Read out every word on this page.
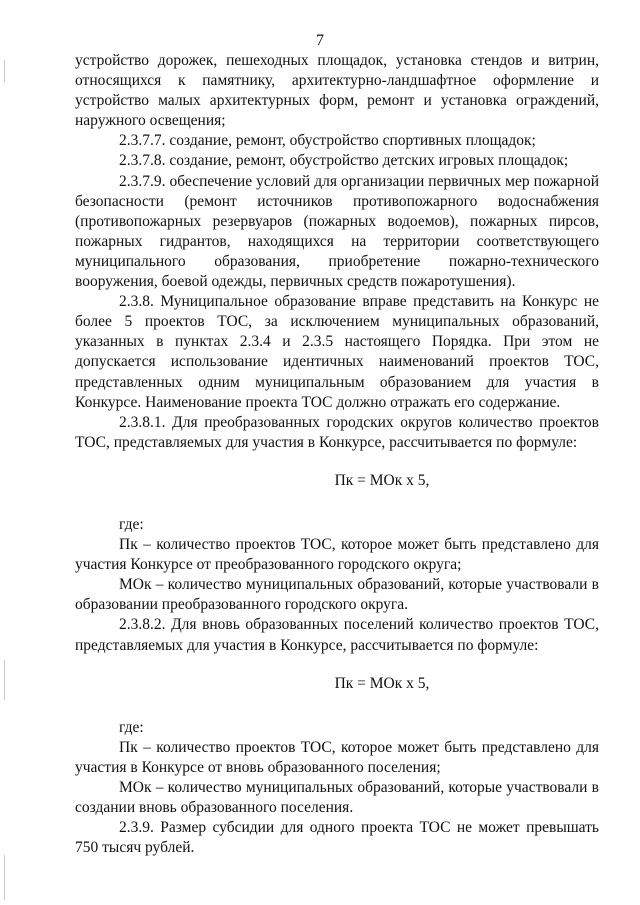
7

устройство дорожек, пешеходных площадок, установка стендов и витрин, относящихся к памятнику, архитектурно-ландшафтное оформление и устройство малых архитектурных форм, ремонт и установка ограждений, наружного освещения;

2.3.7.7. создание, ремонт, обустройство спортивных площадок;

2.3.7.8. создание, ремонт, обустройство детских игровых площадок;

2.3.7.9. обеспечение условий для организации первичных мер пожарной безопасности (ремонт источников противопожарного водоснабжения (противопожарных резервуаров (пожарных водоемов), пожарных пирсов, пожарных гидрантов, находящихся на территории соответствующего муниципального образования, приобретение пожарно-технического вооружения, боевой одежды, первичных средств пожаротушения).

2.3.8. Муниципальное образование вправе представить на Конкурс не более 5 проектов ТОС, за исключением муниципальных образований, указанных в пунктах 2.3.4 и 2.3.5 настоящего Порядка. При этом не допускается использование идентичных наименований проектов ТОС, представленных одним муниципальным образованием для участия в Конкурсе. Наименование проекта ТОС должно отражать его содержание.

2.3.8.1. Для преобразованных городских округов количество проектов ТОС, представляемых для участия в Конкурсе, рассчитывается по формуле:

Пк = МОк х 5,

где:

Пк – количество проектов ТОС, которое может быть представлено для участия Конкурсе от преобразованного городского округа;

МОк – количество муниципальных образований, которые участвовали в образовании преобразованного городского округа.

2.3.8.2. Для вновь образованных поселений количество проектов ТОС, представляемых для участия в Конкурсе, рассчитывается по формуле:

Пк = МОк х 5,

где:

Пк – количество проектов ТОС, которое может быть представлено для участия в Конкурсе от вновь образованного поселения;

МОк – количество муниципальных образований, которые участвовали в создании вновь образованного поселения.

2.3.9. Размер субсидии для одного проекта ТОС не может превышать 750 тысяч рублей.
